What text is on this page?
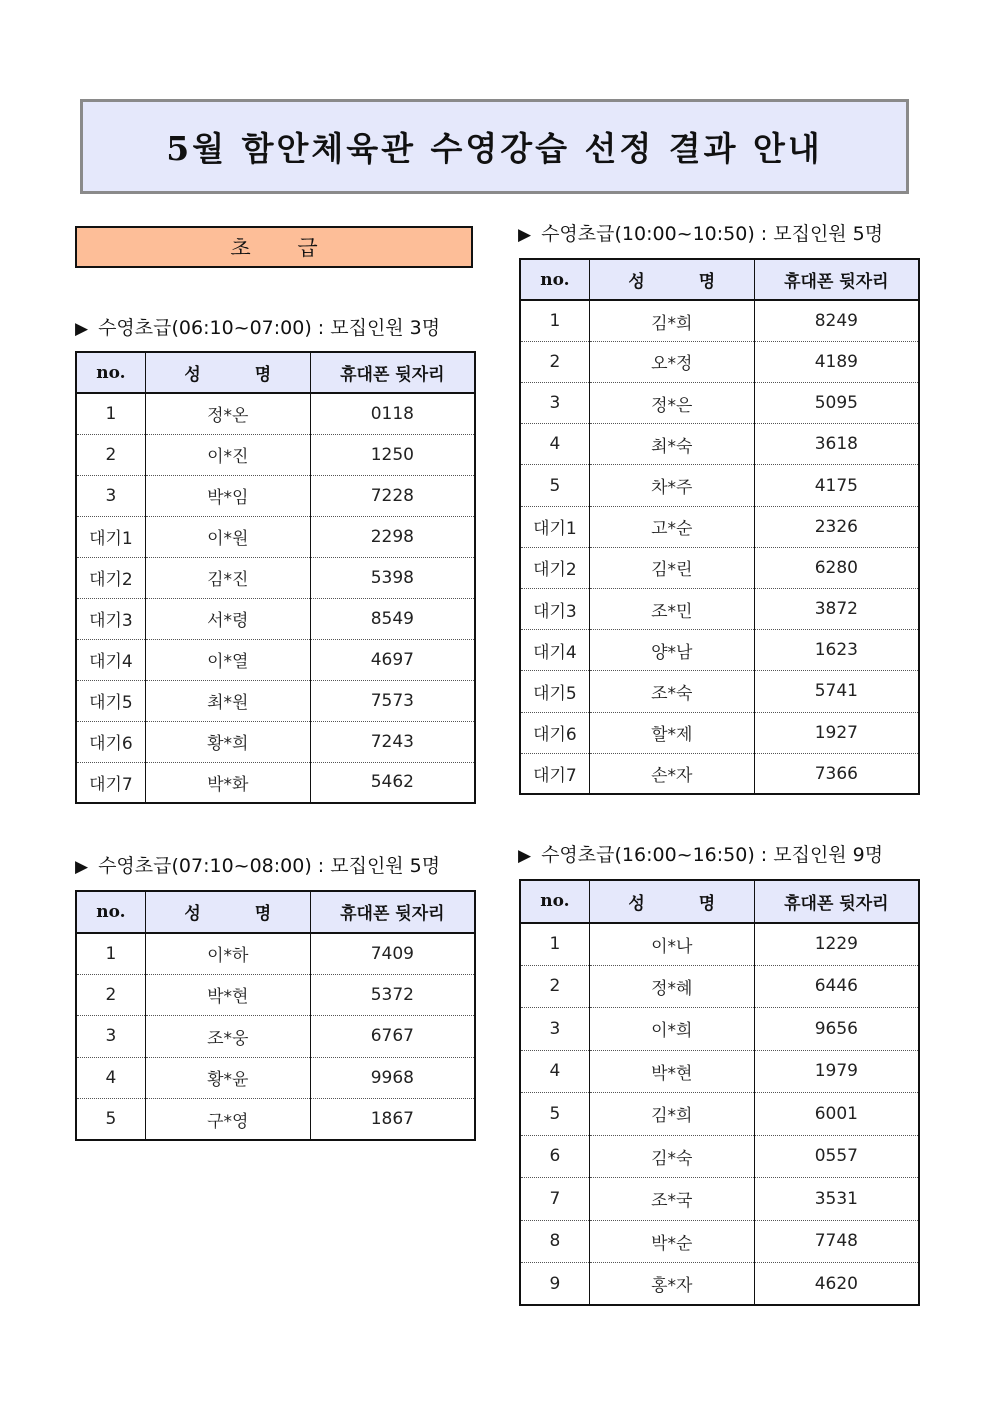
5월 함안체육관 수영강습 선정 결과 안내
초 급
▶ 수영초급(06:10~07:00) : 모집인원 3명
no.	성 명	휴대폰 뒷자리
1	정*온	0118
2	이*진	1250
3	박*임	7228
대기1	이*원	2298
대기2	김*진	5398
대기3	서*령	8549
대기4	이*열	4697
대기5	최*원	7573
대기6	황*희	7243
대기7	박*화	5462
▶ 수영초급(07:10~08:00) : 모집인원 5명
no.	성 명	휴대폰 뒷자리
1	이*하	7409
2	박*현	5372
3	조*웅	6767
4	황*윤	9968
5	구*영	1867
▶ 수영초급(10:00~10:50) : 모집인원 5명
no.	성 명	휴대폰 뒷자리
1	김*희	8249
2	오*정	4189
3	정*은	5095
4	최*숙	3618
5	차*주	4175
대기1	고*순	2326
대기2	김*린	6280
대기3	조*민	3872
대기4	양*남	1623
대기5	조*숙	5741
대기6	할*제	1927
대기7	손*자	7366
▶ 수영초급(16:00~16:50) : 모집인원 9명
no.	성 명	휴대폰 뒷자리
1	이*나	1229
2	정*혜	6446
3	이*희	9656
4	박*현	1979
5	김*희	6001
6	김*숙	0557
7	조*국	3531
8	박*순	7748
9	홍*자	4620
